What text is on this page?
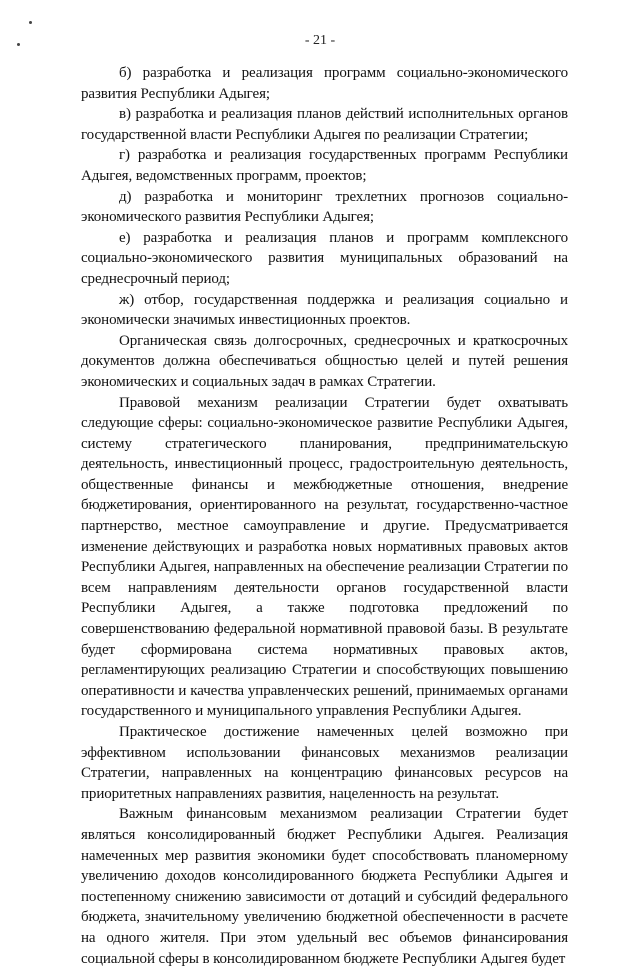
- 21 -

б) разработка и реализация программ социально-экономического развития Республики Адыгея;

в) разработка и реализация планов действий исполнительных органов государственной власти Республики Адыгея по реализации Стратегии;

г) разработка и реализация государственных программ Республики Адыгея, ведомственных программ, проектов;

д) разработка и мониторинг трехлетних прогнозов социально-экономического развития Республики Адыгея;

е) разработка и реализация планов и программ комплексного социально-экономического развития муниципальных образований на среднесрочный период;

ж) отбор, государственная поддержка и реализация социально и экономически значимых инвестиционных проектов.

Органическая связь долгосрочных, среднесрочных и краткосрочных документов должна обеспечиваться общностью целей и путей решения экономических и социальных задач в рамках Стратегии.

Правовой механизм реализации Стратегии будет охватывать следующие сферы: социально-экономическое развитие Республики Адыгея, систему стратегического планирования, предпринимательскую деятельность, инвестиционный процесс, градостроительную деятельность, общественные финансы и межбюджетные отношения, внедрение бюджетирования, ориентированного на результат, государственно-частное партнерство, местное самоуправление и другие. Предусматривается изменение действующих и разработка новых нормативных правовых актов Республики Адыгея, направленных на обеспечение реализации Стратегии по всем направлениям деятельности органов государственной власти Республики Адыгея, а также подготовка предложений по совершенствованию федеральной нормативной правовой базы. В результате будет сформирована система нормативных правовых актов, регламентирующих реализацию Стратегии и способствующих повышению оперативности и качества управленческих решений, принимаемых органами государственного и муниципального управления Республики Адыгея.

Практическое достижение намеченных целей возможно при эффективном использовании финансовых механизмов реализации Стратегии, направленных на концентрацию финансовых ресурсов на приоритетных направлениях развития, нацеленность на результат.

Важным финансовым механизмом реализации Стратегии будет являться консолидированный бюджет Республики Адыгея. Реализация намеченных мер развития экономики будет способствовать планомерному увеличению доходов консолидированного бюджета Республики Адыгея и постепенному снижению зависимости от дотаций и субсидий федерального бюджета, значительному увеличению бюджетной обеспеченности в расчете на одного жителя. При этом удельный вес объемов финансирования социальной сферы в консолидированном бюджете Республики Адыгея будет
